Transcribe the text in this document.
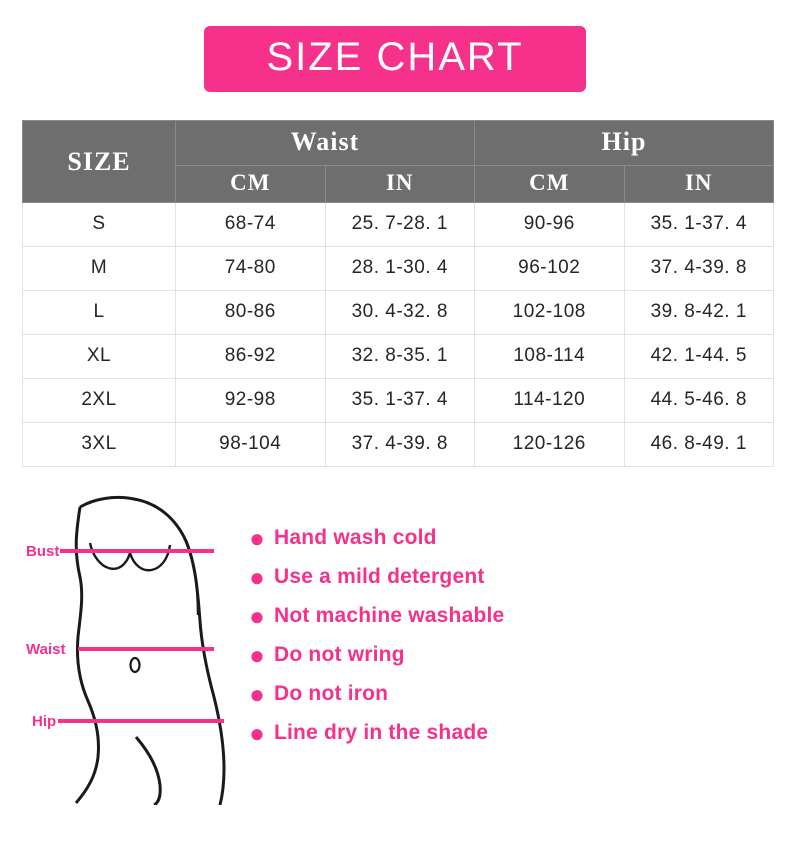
SIZE CHART
SIZE	Waist		Hip	
	CM	IN	CM	IN
S	68-74	25. 7-28. 1	90-96	35. 1-37. 4
M	74-80	28. 1-30. 4	96-102	37. 4-39. 8
L	80-86	30. 4-32. 8	102-108	39. 8-42. 1
XL	86-92	32. 8-35. 1	108-114	42. 1-44. 5
2XL	92-98	35. 1-37. 4	114-120	44. 5-46. 8
3XL	98-104	37. 4-39. 8	120-126	46. 8-49. 1
Bust
Waist
Hip
● Hand wash cold
● Use a mild detergent
● Not machine washable
● Do not wring
● Do not iron
● Line dry in the shade
